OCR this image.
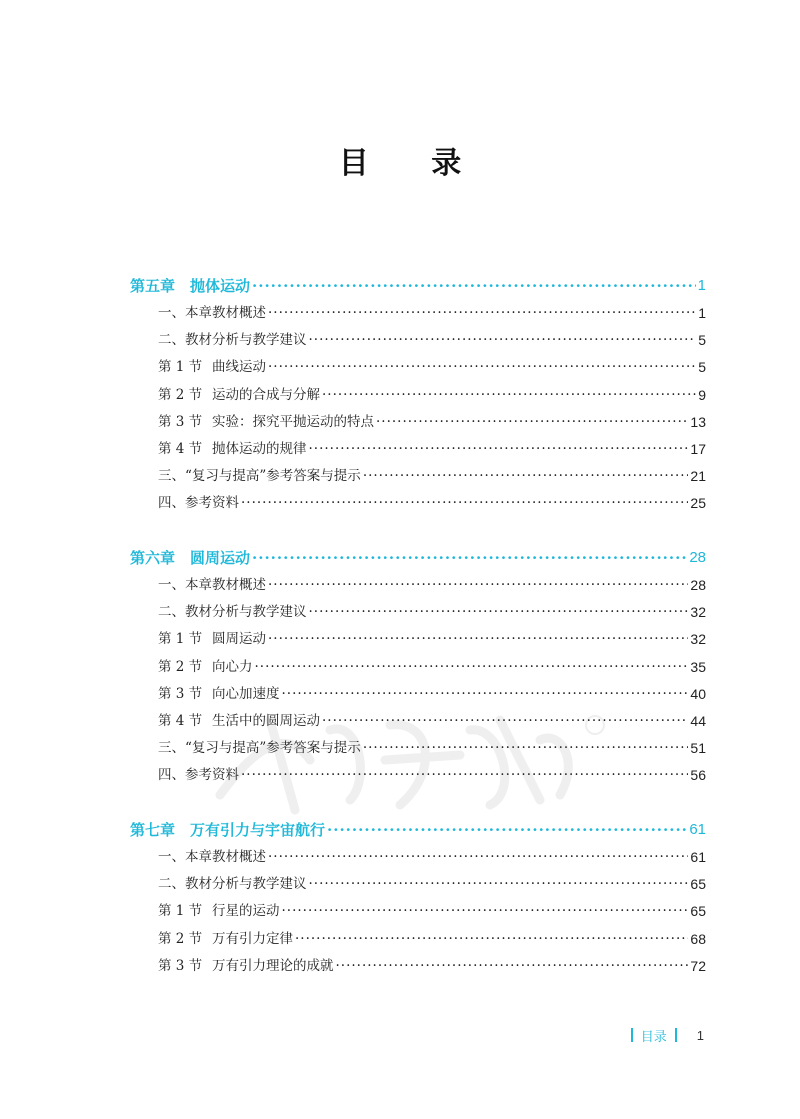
目 录
第五章　抛体运动 ·····	1
一、本章教材概述 ·····	1
二、教材分析与教学建议 ·····	5
第 1 节 曲线运动 ·····	5
第 2 节 运动的合成与分解 ·····	9
第 3 节 实验：探究平抛运动的特点 ·····	13
第 4 节 抛体运动的规律 ·····	17
三、“复习与提高”参考答案与提示 ·····	21
四、参考资料 ·····	25
第六章　圆周运动 ·····	28
一、本章教材概述 ·····	28
二、教材分析与教学建议 ·····	32
第 1 节 圆周运动 ·····	32
第 2 节 向心力 ·····	35
第 3 节 向心加速度 ·····	40
第 4 节 生活中的圆周运动 ·····	44
三、“复习与提高”参考答案与提示 ·····	51
四、参考资料 ·····	56
第七章　万有引力与宇宙航行 ·····	61
一、本章教材概述 ·····	61
二、教材分析与教学建议 ·····	65
第 1 节 行星的运动 ·····	65
第 2 节 万有引力定律 ·····	68
第 3 节 万有引力理论的成就 ·····	72
目录 1
